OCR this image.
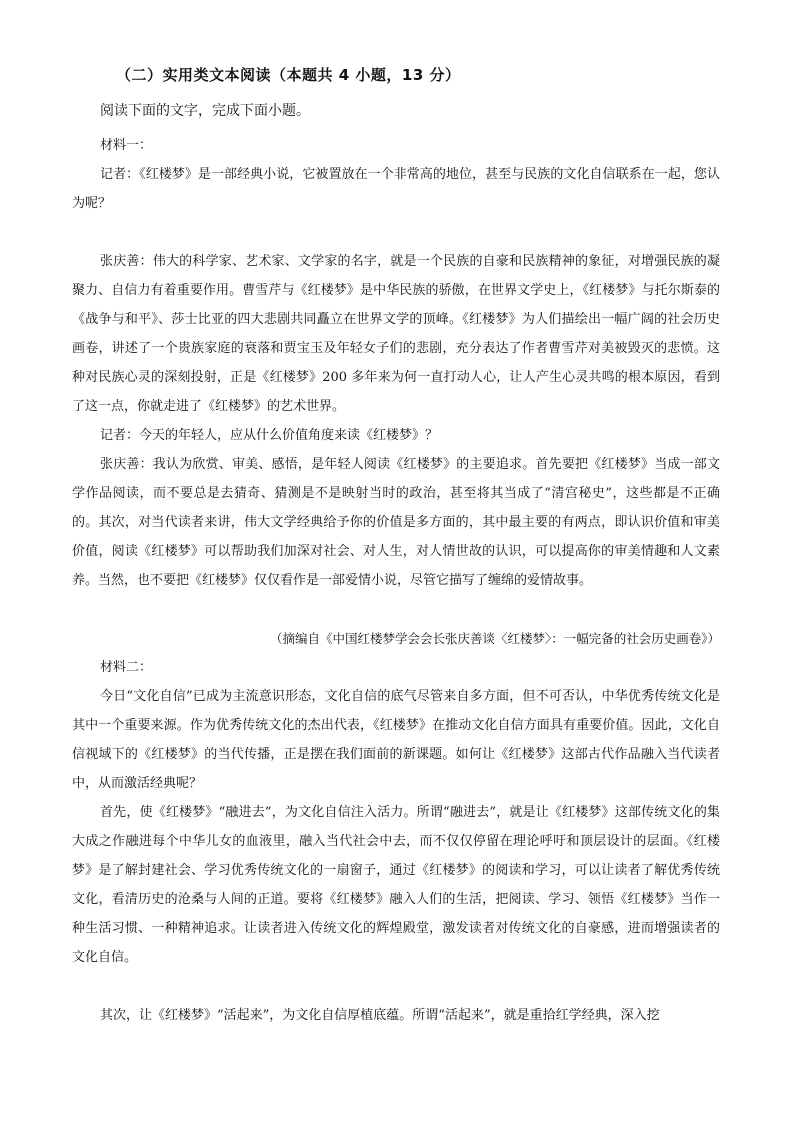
（二）实用类文本阅读（本题共 4 小题，13 分）
阅读下面的文字，完成下面小题。
材料一：
记者：《红楼梦》是一部经典小说，它被置放在一个非常高的地位，甚至与民族的文化自信联系在一起，您认为呢？
张庆善：伟大的科学家、艺术家、文学家的名字，就是一个民族的自豪和民族精神的象征，对增强民族的凝聚力、自信力有着重要作用。曹雪芹与《红楼梦》是中华民族的骄傲，在世界文学史上，《红楼梦》与托尔斯泰的《战争与和平》、莎士比亚的四大悲剧共同矗立在世界文学的顶峰。《红楼梦》为人们描绘出一幅广阔的社会历史画卷，讲述了一个贵族家庭的衰落和贾宝玉及年轻女子们的悲剧，充分表达了作者曹雪芹对美被毁灭的悲愤。这种对民族心灵的深刻投射，正是《红楼梦》200 多年来为何一直打动人心，让人产生心灵共鸣的根本原因，看到了这一点，你就走进了《红楼梦》的艺术世界。
记者：今天的年轻人，应从什么价值角度来读《红楼梦》？
张庆善：我认为欣赏、审美、感悟，是年轻人阅读《红楼梦》的主要追求。首先要把《红楼梦》当成一部文学作品阅读，而不要总是去猜奇、猜测是不是映射当时的政治，甚至将其当成了“清宫秘史”，这些都是不正确的。其次，对当代读者来讲，伟大文学经典给予你的价值是多方面的，其中最主要的有两点，即认识价值和审美价值，阅读《红楼梦》可以帮助我们加深对社会、对人生，对人情世故的认识，可以提高你的审美情趣和人文素养。当然，也不要把《红楼梦》仅仅看作是一部爱情小说，尽管它描写了缠绵的爱情故事。
（摘编自《中国红楼梦学会会长张庆善谈〈红楼梦〉：一幅完备的社会历史画卷》）
材料二：
今日“文化自信”已成为主流意识形态，文化自信的底气尽管来自多方面，但不可否认，中华优秀传统文化是其中一个重要来源。作为优秀传统文化的杰出代表，《红楼梦》在推动文化自信方面具有重要价值。因此，文化自信视域下的《红楼梦》的当代传播，正是摆在我们面前的新课题。如何让《红楼梦》这部古代作品融入当代读者中，从而激活经典呢？
首先，使《红楼梦》“融进去”，为文化自信注入活力。所谓“融进去”，就是让《红楼梦》这部传统文化的集大成之作融进每个中华儿女的血液里，融入当代社会中去，而不仅仅停留在理论呼吁和顶层设计的层面。《红楼梦》是了解封建社会、学习优秀传统文化的一扇窗子，通过《红楼梦》的阅读和学习，可以让读者了解优秀传统文化，看清历史的沧桑与人间的正道。要将《红楼梦》融入人们的生活，把阅读、学习、领悟《红楼梦》当作一种生活习惯、一种精神追求。让读者进入传统文化的辉煌殿堂，激发读者对传统文化的自豪感，进而增强读者的文化自信。
其次，让《红楼梦》“活起来”，为文化自信厚植底蕴。所谓“活起来”，就是重拾红学经典，深入挖
